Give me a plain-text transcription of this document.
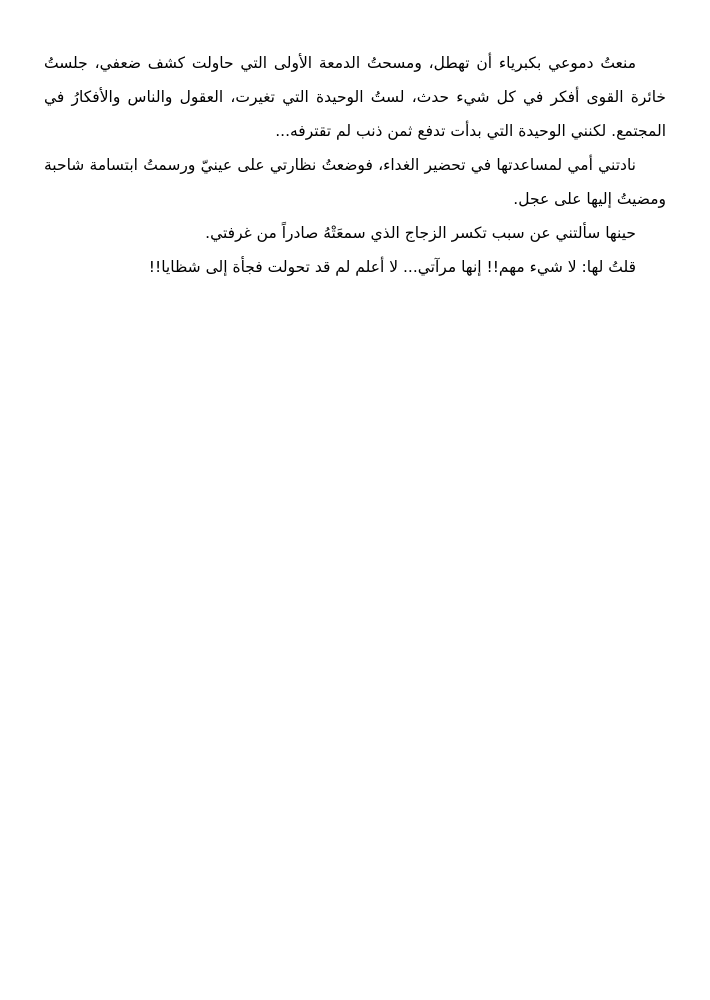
منعتُ دموعي بكبرياء أن تهطل، ومسحتُ الدمعة الأولى التي حاولت كشف ضعفي، جلستُ خائرة القوى أفكر في كل شيء حدث، لستُ الوحيدة التي تغيرت، العقول والناس والأفكارُ في المجتمع. لكنني الوحيدة التي بدأت تدفع ثمن ذنب لم تقترفه...

نادتني أمي لمساعدتها في تحضير الغداء، فوضعتُ نظارتي على عينيّ ورسمتُ ابتسامة شاحبة ومضيتُ إليها على عجل.

حينها سألتني عن سبب تكسر الزجاج الذي سمعَتْهُ صادراً من غرفتي.

قلتُ لها: لا شيء مهم!! إنها مرآتي... لا أعلم لم قد تحولت فجأة إلى شظايا!!
